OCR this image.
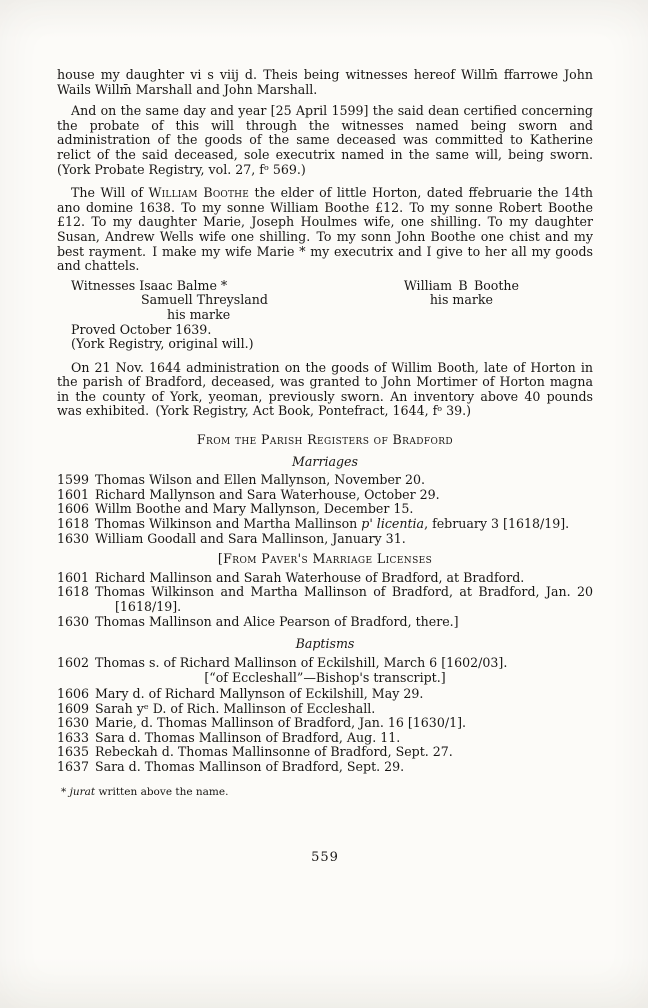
house my daughter vi s viij d. Theis being witnesses hereof Willm̄ ffarrowe John Wails Willm̄ Marshall and John Marshall.

And on the same day and year [25 April 1599] the said dean certified concerning the probate of this will through the witnesses named being sworn and administration of the goods of the same deceased was committed to Katherine relict of the said deceased, sole executrix named in the same will, being sworn. (York Probate Registry, vol. 27, fᵒ 569.)

The Will of William Boothe the elder of little Horton, dated ffebruarie the 14th ano domine 1638. To my sonne William Boothe £12. To my sonne Robert Boothe £12. To my daughter Marie, Joseph Houlmes wife, one shilling. To my daughter Susan, Andrew Wells wife one shilling. To my sonn John Boothe one chist and my best rayment. I make my wife Marie * my executrix and I give to her all my goods and chattels.

Witnesses Isaac Balme *
Samuell Threysland
his marke
William B Boothe
his marke
Proved October 1639.
(York Registry, original will.)

On 21 Nov. 1644 administration on the goods of Willim Booth, late of Horton in the parish of Bradford, deceased, was granted to John Mortimer of Horton magna in the county of York, yeoman, previously sworn. An inventory above 40 pounds was exhibited. (York Registry, Act Book, Pontefract, 1644, fᵒ 39.)

From the Parish Registers of Bradford
Marriages
1599 Thomas Wilson and Ellen Mallynson, November 20.
1601 Richard Mallynson and Sara Waterhouse, October 29.
1606 Willm Boothe and Mary Mallynson, December 15.
1618 Thomas Wilkinson and Martha Mallinson p' licentia, february 3 [1618/19].
1630 William Goodall and Sara Mallinson, January 31.
[From Paver's Marriage Licenses
1601 Richard Mallinson and Sarah Waterhouse of Bradford, at Bradford.
1618 Thomas Wilkinson and Martha Mallinson of Bradford, at Bradford, Jan. 20 [1618/19].
1630 Thomas Mallinson and Alice Pearson of Bradford, there.]
Baptisms
1602 Thomas s. of Richard Mallinson of Eckilshill, March 6 [1602/03].
[“of Eccleshall”—Bishop's transcript.]
1606 Mary d. of Richard Mallynson of Eckilshill, May 29.
1609 Sarah yᵉ D. of Rich. Mallinson of Eccleshall.
1630 Marie, d. Thomas Mallinson of Bradford, Jan. 16 [1630/1].
1633 Sara d. Thomas Mallinson of Bradford, Aug. 11.
1635 Rebeckah d. Thomas Mallinsonne of Bradford, Sept. 27.
1637 Sara d. Thomas Mallinson of Bradford, Sept. 29.
* jurat written above the name.
559
